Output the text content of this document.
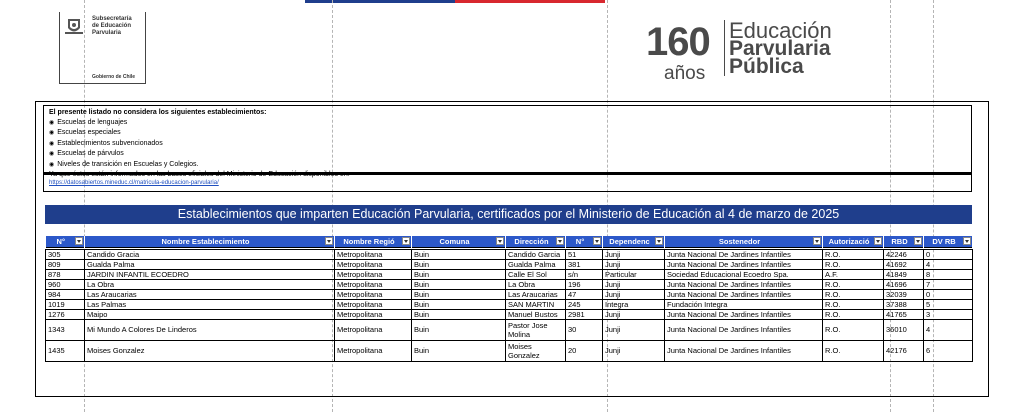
Subsecretaría
de Educación
Parvularia
Gobierno de Chile
160
años
Educación
Parvularia
Pública
El presente listado no considera los siguientes establecimientos:
◉ Escuelas de lenguajes
◉ Escuelas especiales
◉ Establecimientos subvencionados
◉ Escuelas de párvulos
◉ Niveles de transición en Escuelas y Colegios.
Ya que éstos están informados en las bases oficiales del Ministerio de Educación disponibles en:
https://datosabiertos.mineduc.cl/matricula-educacion-parvularia/
Establecimientos que imparten Educación Parvularia, certificados por el Ministerio de Educación al 4 de marzo de 2025
N°	Nombre Establecimiento	Nombre Regió	Comuna	Dirección	N°	Dependenc	Sostenedor	Autorizació	RBD	DV RB

305	Candido Gracia	Metropolitana	Buin	Candido Garcia	51	Junji	Junta Nacional De Jardines Infantiles	R.O.	42246	0
809	Gualda Palma	Metropolitana	Buin	Gualda Palma	381	Junji	Junta Nacional De Jardines Infantiles	R.O.	41692	4
878	JARDIN INFANTIL ECOEDRO	Metropolitana	Buin	Calle El Sol	s/n	Particular	Sociedad Educacional Ecoedro Spa.	A.F.	41849	8
960	La Obra	Metropolitana	Buin	La Obra	196	Junji	Junta Nacional De Jardines Infantiles	R.O.	41696	7
984	Las Araucarias	Metropolitana	Buin	Las Araucarias	47	Junji	Junta Nacional De Jardines Infantiles	R.O.	32039	0
1019	Las Palmas	Metropolitana	Buin	SAN MARTIN	245	Integra	Fundación Integra	R.O.	37388	5
1276	Maipo	Metropolitana	Buin	Manuel Bustos	2981	Junji	Junta Nacional De Jardines Infantiles	R.O.	41765	3
1343	Mi Mundo A Colores De Linderos	Metropolitana	Buin	Pastor Jose Molina	30	Junji	Junta Nacional De Jardines Infantiles	R.O.	36010	4
1435	Moises Gonzalez	Metropolitana	Buin	Moises Gonzalez	20	Junji	Junta Nacional De Jardines Infantiles	R.O.	42176	6
